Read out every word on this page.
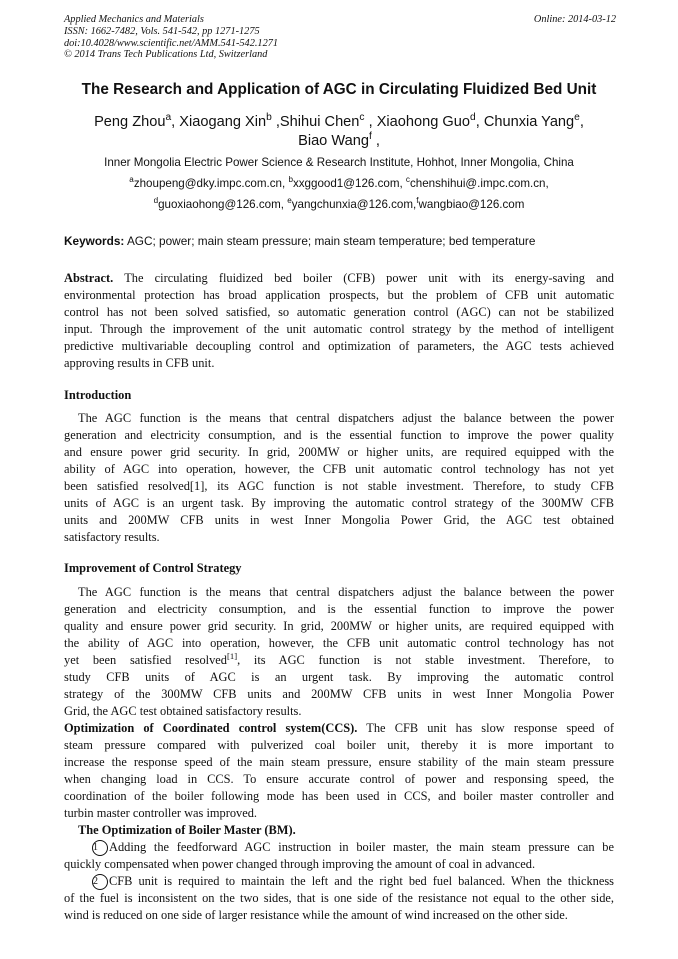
Applied Mechanics and Materials
ISSN: 1662-7482, Vols. 541-542, pp 1271-1275
doi:10.4028/www.scientific.net/AMM.541-542.1271
© 2014 Trans Tech Publications Ltd, Switzerland
Online: 2014-03-12
The Research and Application of AGC in Circulating Fluidized Bed Unit
Peng Zhou$^a$, Xiaogang Xin$^b$ ,Shihui Chen$^c$ , Xiaohong Guo$^d$, Chunxia Yang$^e$,
Biao Wang$^f$ ,
Inner Mongolia Electric Power Science & Research Institute, Hohhot, Inner Mongolia, China
$^a$zhoupeng@dky.impc.com.cn, $^b$xxggood1@126.com, $^c$chenshihui@.impc.com.cn,
$^d$guoxiaohong@126.com, $^e$yangchunxia@126.com,$^f$wangbiao@126.com
Keywords: AGC; power; main steam pressure; main steam temperature; bed temperature
Abstract. The circulating fluidized bed boiler (CFB) power unit with its energy-saving and
environmental protection has broad application prospects, but the problem of CFB unit automatic
control has not been solved satisfied, so automatic generation control (AGC) can not be stabilized
input. Through the improvement of the unit automatic control strategy by the method of intelligent
predictive multivariable decoupling control and optimization of parameters, the AGC tests achieved
approving results in CFB unit.
Introduction
The AGC function is the means that central dispatchers adjust the balance between the power
generation and electricity consumption, and is the essential function to improve the power quality
and ensure power grid security. In grid, 200MW or higher units, are required equipped with the
ability of AGC into operation, however, the CFB unit automatic control technology has not yet
been satisfied resolved[1], its AGC function is not stable investment. Therefore, to study CFB
units of AGC is an urgent task. By improving the automatic control strategy of the 300MW CFB
units and 200MW CFB units in west Inner Mongolia Power Grid, the AGC test obtained
satisfactory results.
Improvement of Control Strategy
The AGC function is the means that central dispatchers adjust the balance between the power
generation and electricity consumption, and is the essential function to improve the power
quality and ensure power grid security. In grid, 200MW or higher units, are required equipped with
the ability of AGC into operation, however, the CFB unit automatic control technology has not
yet been satisfied resolved[1], its AGC function is not stable investment. Therefore, to
study CFB units of AGC is an urgent task. By improving the automatic control
strategy of the 300MW CFB units and 200MW CFB units in west Inner Mongolia Power
Grid, the AGC test obtained satisfactory results.
Optimization of Coordinated control system(CCS). The CFB unit has slow response speed of
steam pressure compared with pulverized coal boiler unit, thereby it is more important to
increase the response speed of the main steam pressure, ensure stability of the main steam pressure
when changing load in CCS. To ensure accurate control of power and responsing speed, the
coordination of the boiler following mode has been used in CCS, and boiler master controller and
turbin master controller was improved.
The Optimization of Boiler Master (BM).
1 Adding the feedforward AGC instruction in boiler master, the main steam pressure can be
quickly compensated when power changed through improving the amount of coal in advanced.
2 CFB unit is required to maintain the left and the right bed fuel balanced. When the thickness
of the fuel is inconsistent on the two sides, that is one side of the resistance not equal to the other side,
wind is reduced on one side of larger resistance while the amount of wind increased on the other side.
